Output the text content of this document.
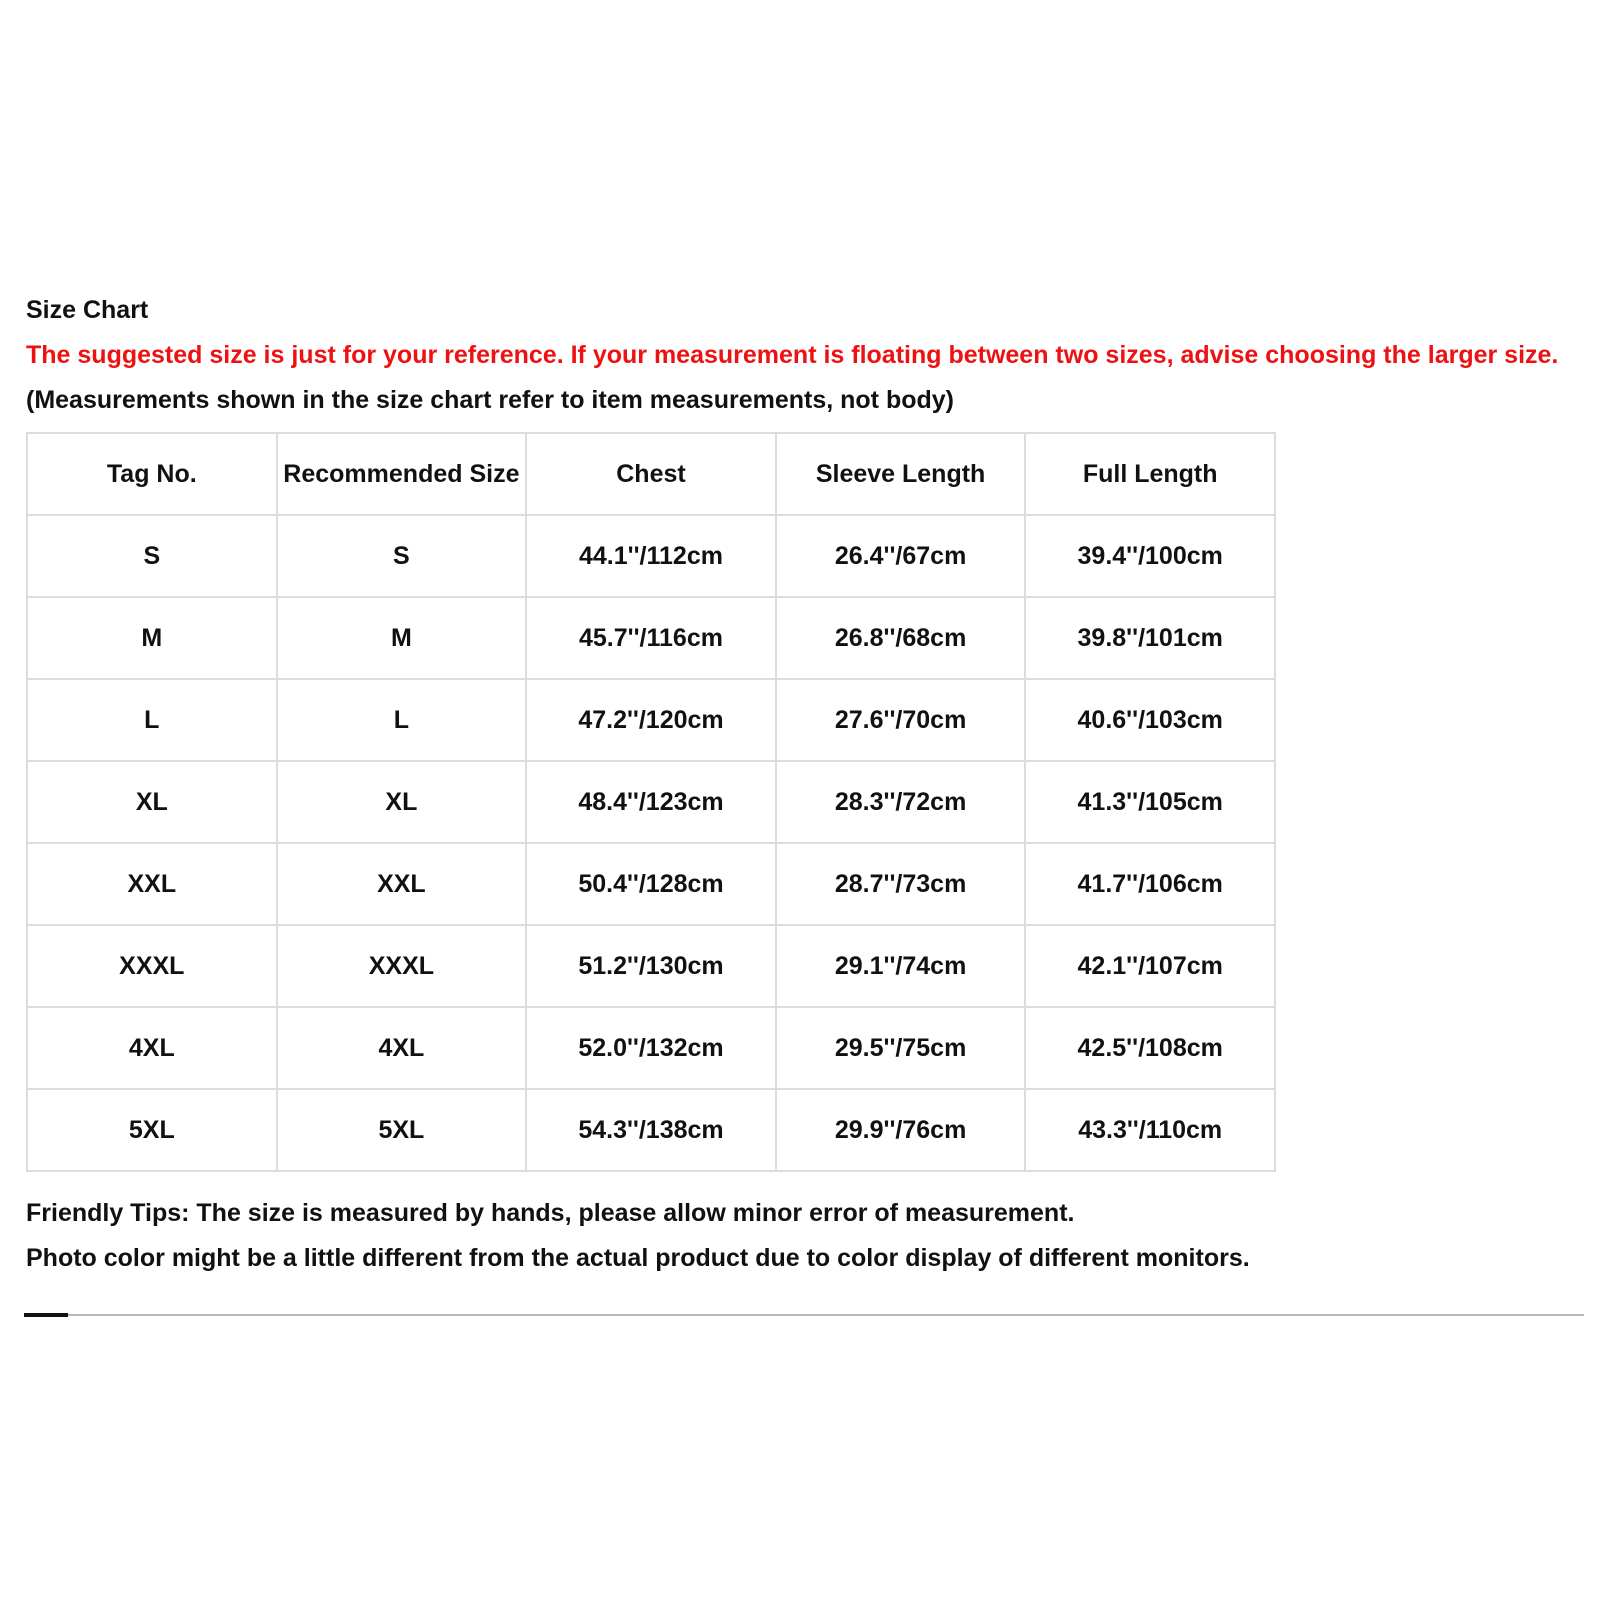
Size Chart
The suggested size is just for your reference. If your measurement is floating between two sizes, advise choosing the larger size.
(Measurements shown in the size chart refer to item measurements, not body)
Tag No.	Recommended Size	Chest	Sleeve Length	Full Length
S	S	44.1''/112cm	26.4''/67cm	39.4''/100cm
M	M	45.7''/116cm	26.8''/68cm	39.8''/101cm
L	L	47.2''/120cm	27.6''/70cm	40.6''/103cm
XL	XL	48.4''/123cm	28.3''/72cm	41.3''/105cm
XXL	XXL	50.4''/128cm	28.7''/73cm	41.7''/106cm
XXXL	XXXL	51.2''/130cm	29.1''/74cm	42.1''/107cm
4XL	4XL	52.0''/132cm	29.5''/75cm	42.5''/108cm
5XL	5XL	54.3''/138cm	29.9''/76cm	43.3''/110cm
Friendly Tips: The size is measured by hands, please allow minor error of measurement.
Photo color might be a little different from the actual product due to color display of different monitors.
